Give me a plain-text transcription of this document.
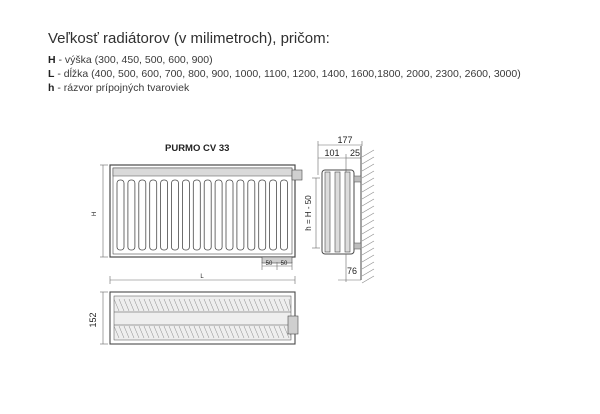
Veľkosť radiátorov (v milimetroch), pričom:
H - výška (300, 450, 500, 600, 900)
L - dĺžka (400, 500, 600, 700, 800, 900, 1000, 1100, 1200, 1400, 1600,1800, 2000, 2300, 2600, 3000)
h - rázvor prípojných tvaroviek
PURMO CV 33
H
50 50
L
152
177
101 25
h = H - 50
76
